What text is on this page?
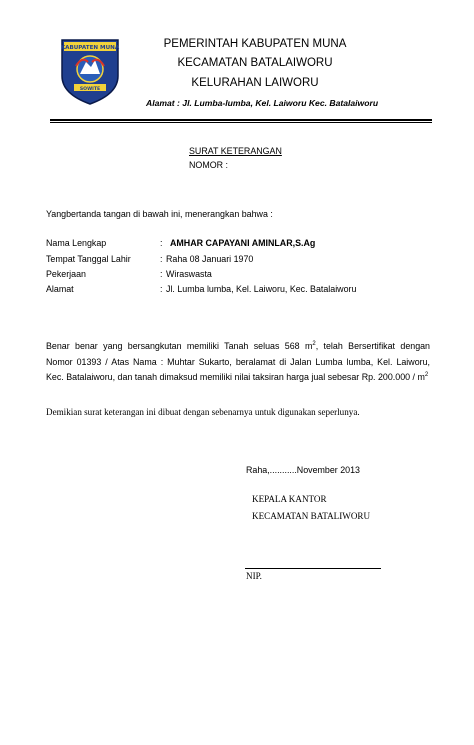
KABUPATEN MUNA
SOWITE
PEMERINTAH KABUPATEN MUNA
KECAMATAN BATALAIWORU
KELURAHAN LAIWORU
Alamat : Jl. Lumba-lumba, Kel. Laiworu Kec. Batalaiworu
SURAT KETERANGAN
NOMOR :
Yangbertanda tangan di bawah ini, menerangkan bahwa :
Nama Lengkap	: AMHAR CAPAYANI AMINLAR,S.Ag
Tempat Tanggal Lahir	: Raha 08 Januari 1970
Pekerjaan	: Wiraswasta
Alamat	: Jl. Lumba lumba, Kel. Laiworu, Kec. Batalaiworu
Benar benar yang bersangkutan memiliki Tanah seluas 568 $m^2$, telah Bersertifikat dengan
Nomor 01393 / Atas Nama : Muhtar Sukarto, beralamat di Jalan Lumba lumba, Kel. Laiworu,
Kec. Batalaiworu, dan tanah dimaksud memiliki nilai taksiran harga jual sebesar Rp. $200.000 / m^2$
Demikian surat keterangan ini dibuat dengan sebenarnya untuk digunakan seperlunya.
Raha,...........November 2013
KEPALA KANTOR
KECAMATAN BATALIWORU
NIP.
